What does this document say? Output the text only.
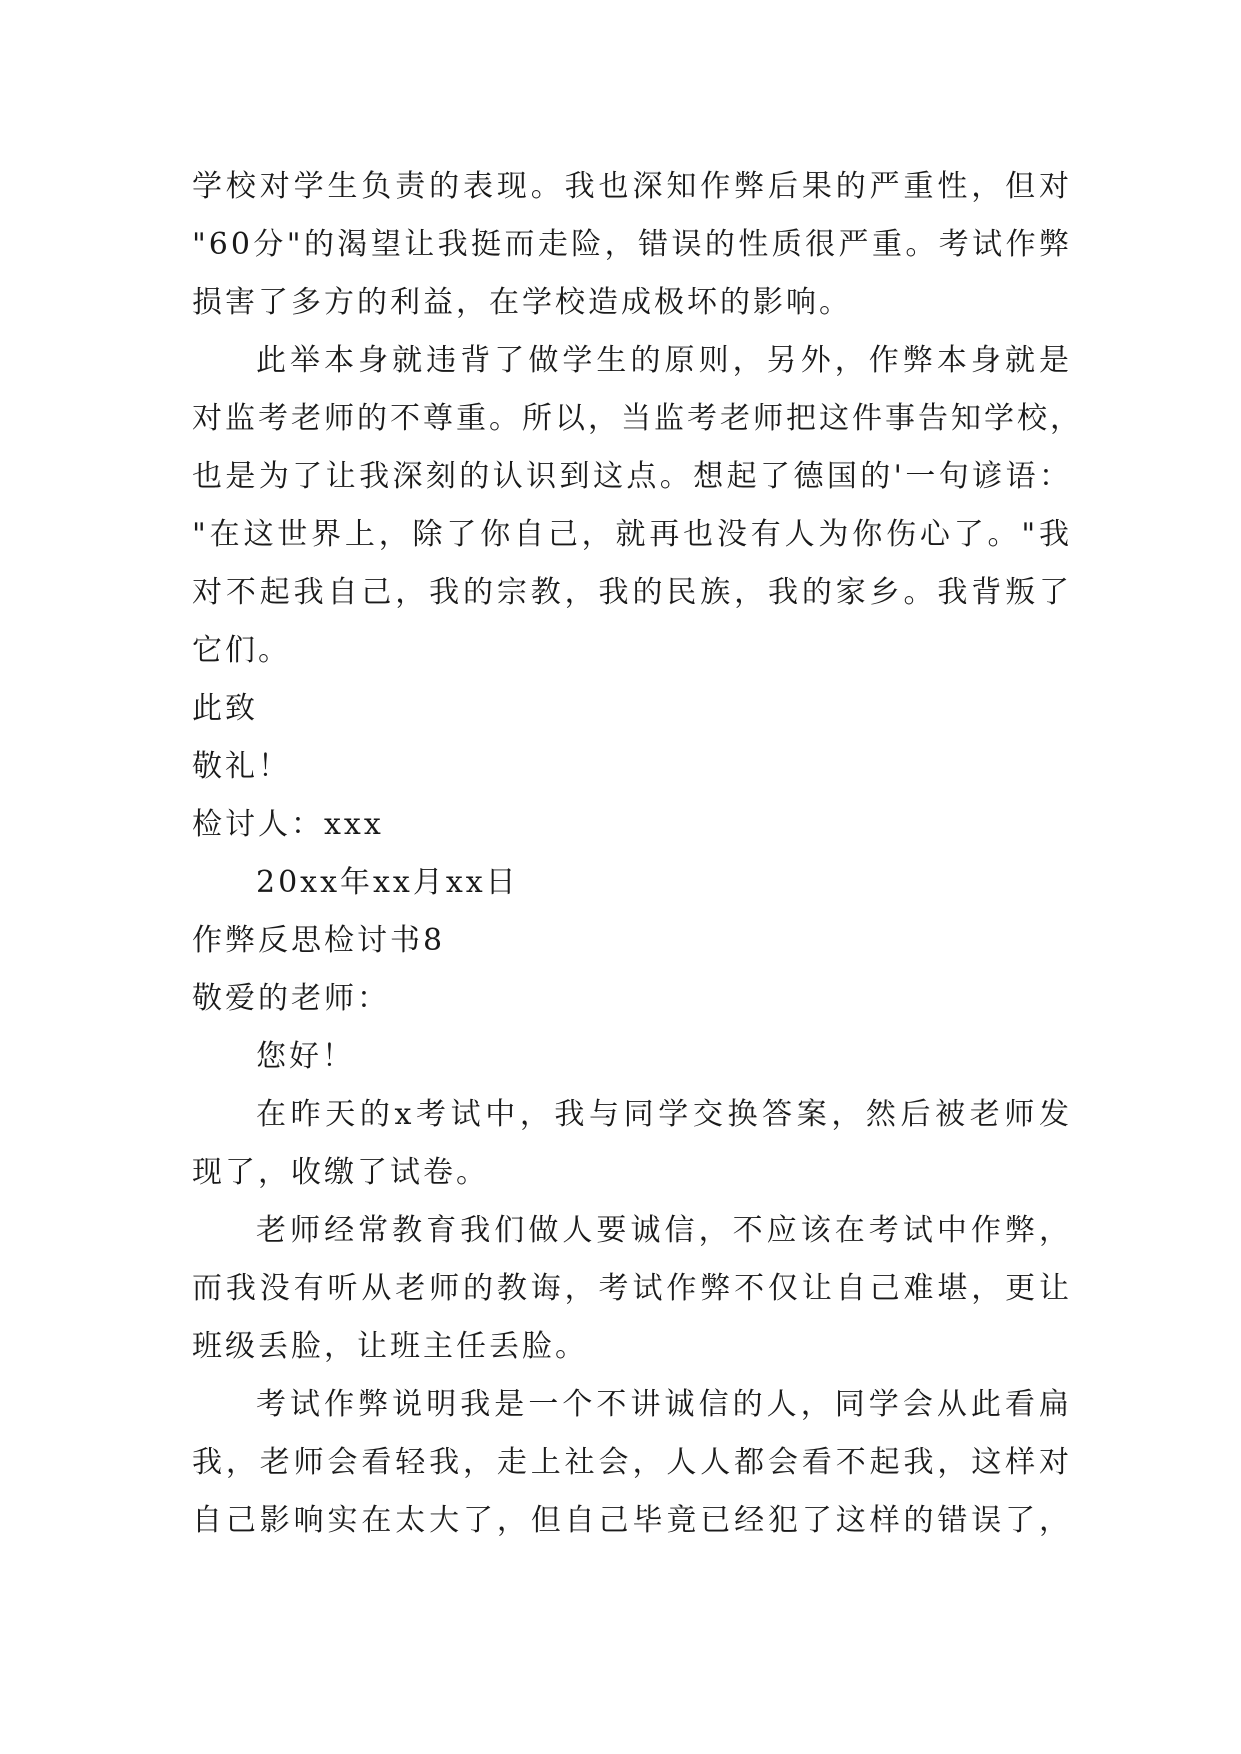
学校对学生负责的表现。我也深知作弊后果的严重性，但对
"60分"的渴望让我挺而走险，错误的性质很严重。考试作弊
损害了多方的利益，在学校造成极坏的影响。
此举本身就违背了做学生的原则，另外，作弊本身就是
对监考老师的不尊重。所以，当监考老师把这件事告知学校，
也是为了让我深刻的认识到这点。想起了德国的'一句谚语：
"在这世界上，除了你自己，就再也没有人为你伤心了。"我
对不起我自己，我的宗教，我的民族，我的家乡。我背叛了
它们。
此致
敬礼！
检讨人：xxx
20xx年xx月xx日
作弊反思检讨书8
敬爱的老师：
您好！
在昨天的x考试中，我与同学交换答案，然后被老师发
现了，收缴了试卷。
老师经常教育我们做人要诚信，不应该在考试中作弊，
而我没有听从老师的教诲，考试作弊不仅让自己难堪，更让
班级丢脸，让班主任丢脸。
考试作弊说明我是一个不讲诚信的人，同学会从此看扁
我，老师会看轻我，走上社会，人人都会看不起我，这样对
自己影响实在太大了，但自己毕竟已经犯了这样的错误了，
